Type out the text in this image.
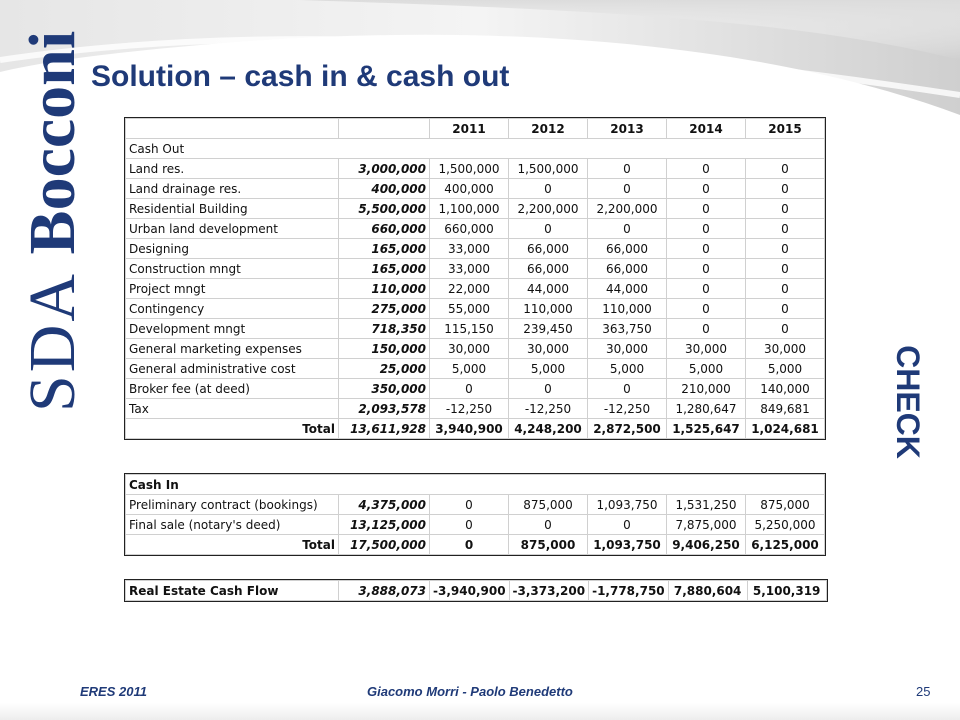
SDA Bocconi Solution – cash in & cash out
CHECK
		2011	2012	2013	2014	2015
Cash Out						
Land res.	3,000,000	1,500,000	1,500,000	0	0	0
Land drainage res.	400,000	400,000	0	0	0	0
Residential Building	5,500,000	1,100,000	2,200,000	2,200,000	0	0
Urban land development	660,000	660,000	0	0	0	0
Designing	165,000	33,000	66,000	66,000	0	0
Construction mngt	165,000	33,000	66,000	66,000	0	0
Project mngt	110,000	22,000	44,000	44,000	0	0
Contingency	275,000	55,000	110,000	110,000	0	0
Development mngt	718,350	115,150	239,450	363,750	0	0
General marketing expenses	150,000	30,000	30,000	30,000	30,000	30,000
General administrative cost	25,000	5,000	5,000	5,000	5,000	5,000
Broker fee (at deed)	350,000	0	0	0	210,000	140,000
Tax	2,093,578	-12,250	-12,250	-12,250	1,280,647	849,681
Total	13,611,928	3,940,900	4,248,200	2,872,500	1,525,647	1,024,681
Cash In						
Preliminary contract (bookings)	4,375,000	0	875,000	1,093,750	1,531,250	875,000
Final sale (notary's deed)	13,125,000	0	0	0	7,875,000	5,250,000
Total	17,500,000	0	875,000	1,093,750	9,406,250	6,125,000
Real Estate Cash Flow	3,888,073	-3,940,900	-3,373,200	-1,778,750	7,880,604	5,100,319
ERES 2011	Giacomo Morri - Paolo Benedetto	25
